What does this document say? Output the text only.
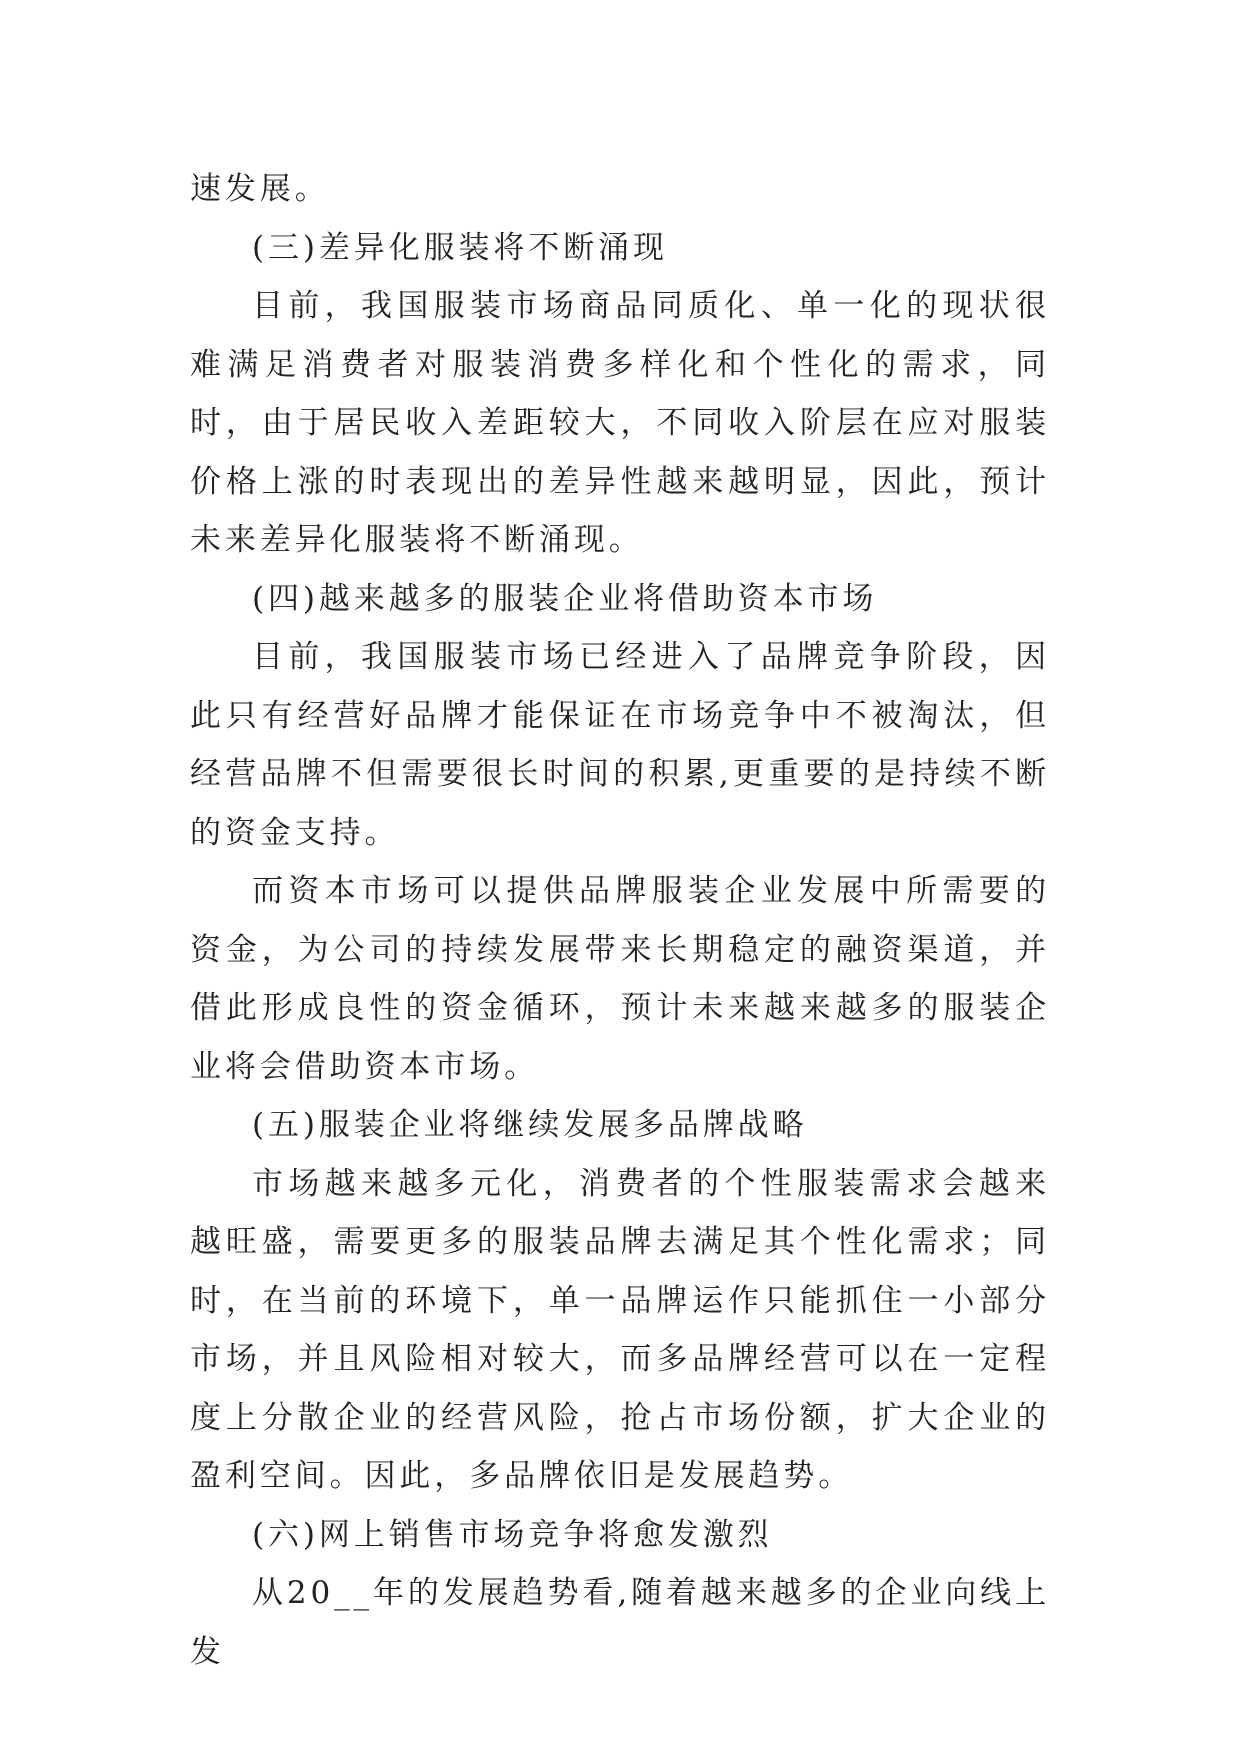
速发展。

(三)差异化服装将不断涌现

目前，我国服装市场商品同质化、单一化的现状很难满足消费者对服装消费多样化和个性化的需求，同时，由于居民收入差距较大，不同收入阶层在应对服装价格上涨的时表现出的差异性越来越明显，因此，预计未来差异化服装将不断涌现。

(四)越来越多的服装企业将借助资本市场

目前，我国服装市场已经进入了品牌竞争阶段，因此只有经营好品牌才能保证在市场竞争中不被淘汰，但经营品牌不但需要很长时间的积累,更重要的是持续不断的资金支持。

而资本市场可以提供品牌服装企业发展中所需要的资金，为公司的持续发展带来长期稳定的融资渠道，并借此形成良性的资金循环，预计未来越来越多的服装企业将会借助资本市场。

(五)服装企业将继续发展多品牌战略

市场越来越多元化，消费者的个性服装需求会越来越旺盛，需要更多的服装品牌去满足其个性化需求；同时，在当前的环境下，单一品牌运作只能抓住一小部分市场，并且风险相对较大，而多品牌经营可以在一定程度上分散企业的经营风险，抢占市场份额，扩大企业的盈利空间。因此，多品牌依旧是发展趋势。

(六)网上销售市场竞争将愈发激烈

从20__年的发展趋势看,随着越来越多的企业向线上发
